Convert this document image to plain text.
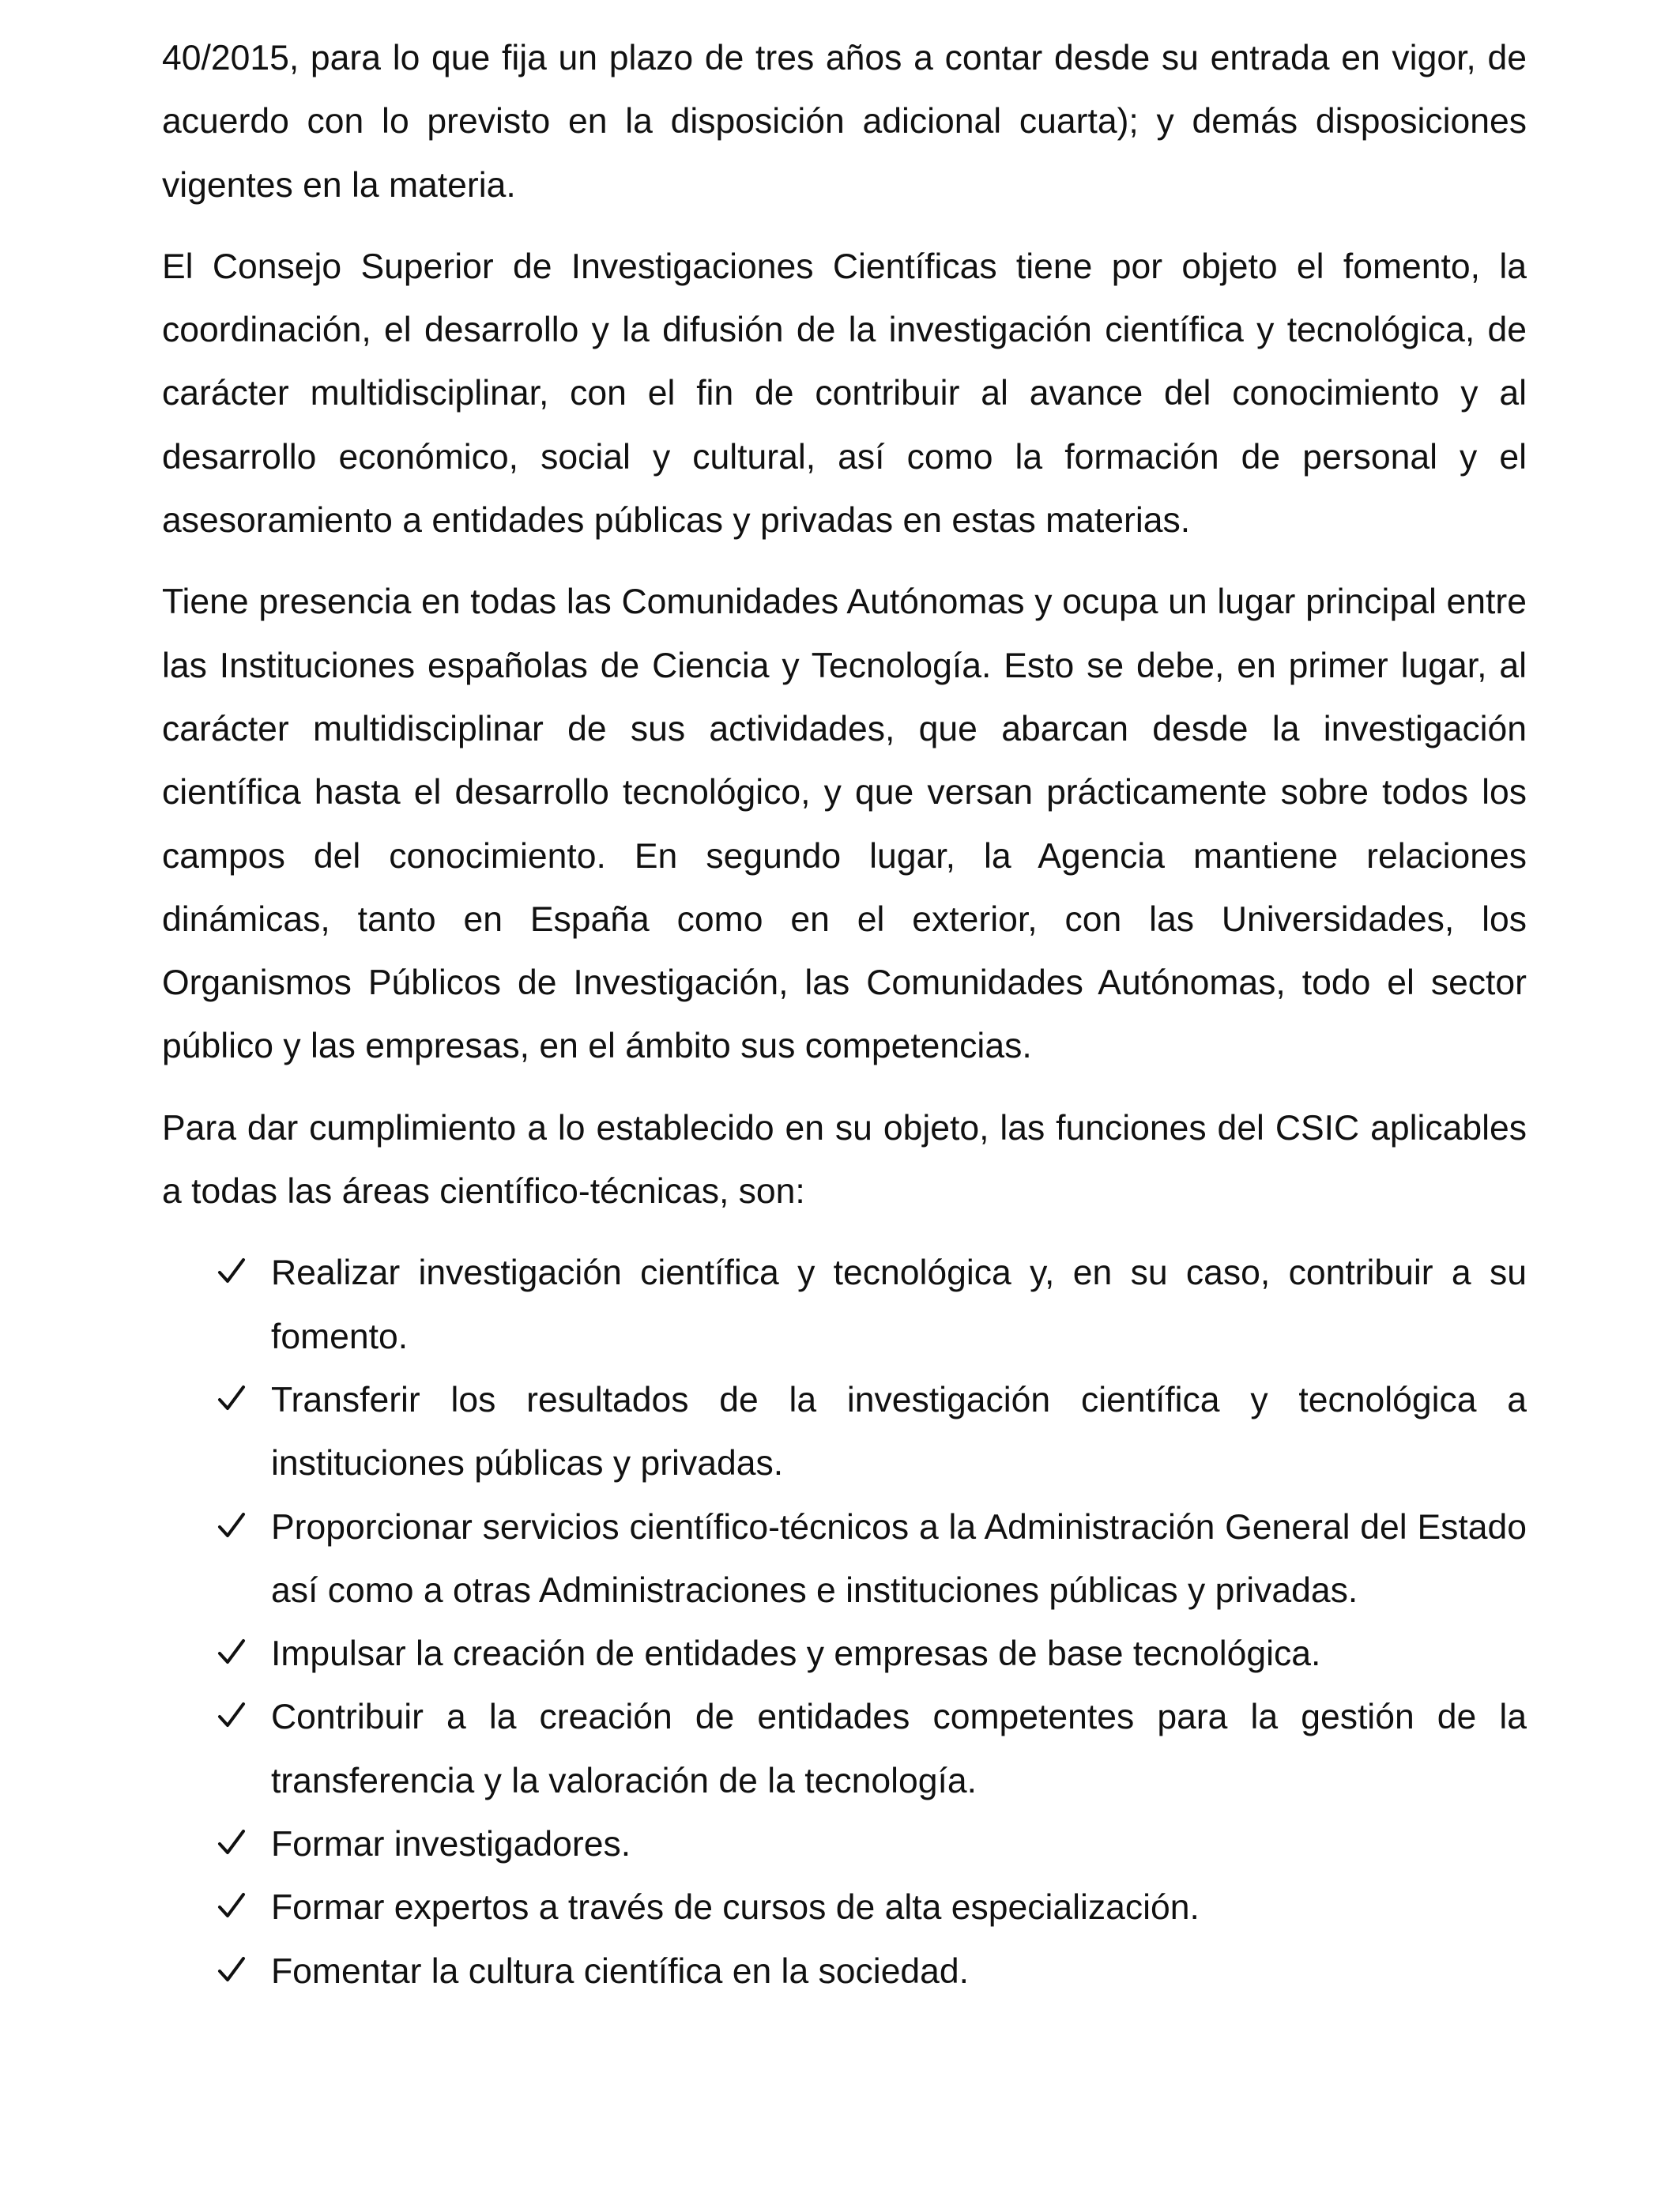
40/2015, para lo que fija un plazo de tres años a contar desde su entrada en vigor, de acuerdo con lo previsto en la disposición adicional cuarta); y demás disposiciones vigentes en la materia.

El Consejo Superior de Investigaciones Científicas tiene por objeto el fomento, la coordinación, el desarrollo y la difusión de la investigación científica y tecnológica, de carácter multidisciplinar, con el fin de contribuir al avance del conocimiento y al desarrollo económico, social y cultural, así como la formación de personal y el asesoramiento a entidades públicas y privadas en estas materias.

Tiene presencia en todas las Comunidades Autónomas y ocupa un lugar principal entre las Instituciones españolas de Ciencia y Tecnología. Esto se debe, en primer lugar, al carácter multidisciplinar de sus actividades, que abarcan desde la investigación científica hasta el desarrollo tecnológico, y que versan prácticamente sobre todos los campos del conocimiento. En segundo lugar, la Agencia mantiene relaciones dinámicas, tanto en España como en el exterior, con las Universidades, los Organismos Públicos de Investigación, las Comunidades Autónomas, todo el sector público y las empresas, en el ámbito sus competencias.

Para dar cumplimiento a lo establecido en su objeto, las funciones del CSIC aplicables a todas las áreas científico-técnicas, son:

Realizar investigación científica y tecnológica y, en su caso, contribuir a su fomento.
Transferir los resultados de la investigación científica y tecnológica a instituciones públicas y privadas.
Proporcionar servicios científico-técnicos a la Administración General del Estado así como a otras Administraciones e instituciones públicas y privadas.
Impulsar la creación de entidades y empresas de base tecnológica.
Contribuir a la creación de entidades competentes para la gestión de la transferencia y la valoración de la tecnología.
Formar investigadores.
Formar expertos a través de cursos de alta especialización.
Fomentar la cultura científica en la sociedad.
